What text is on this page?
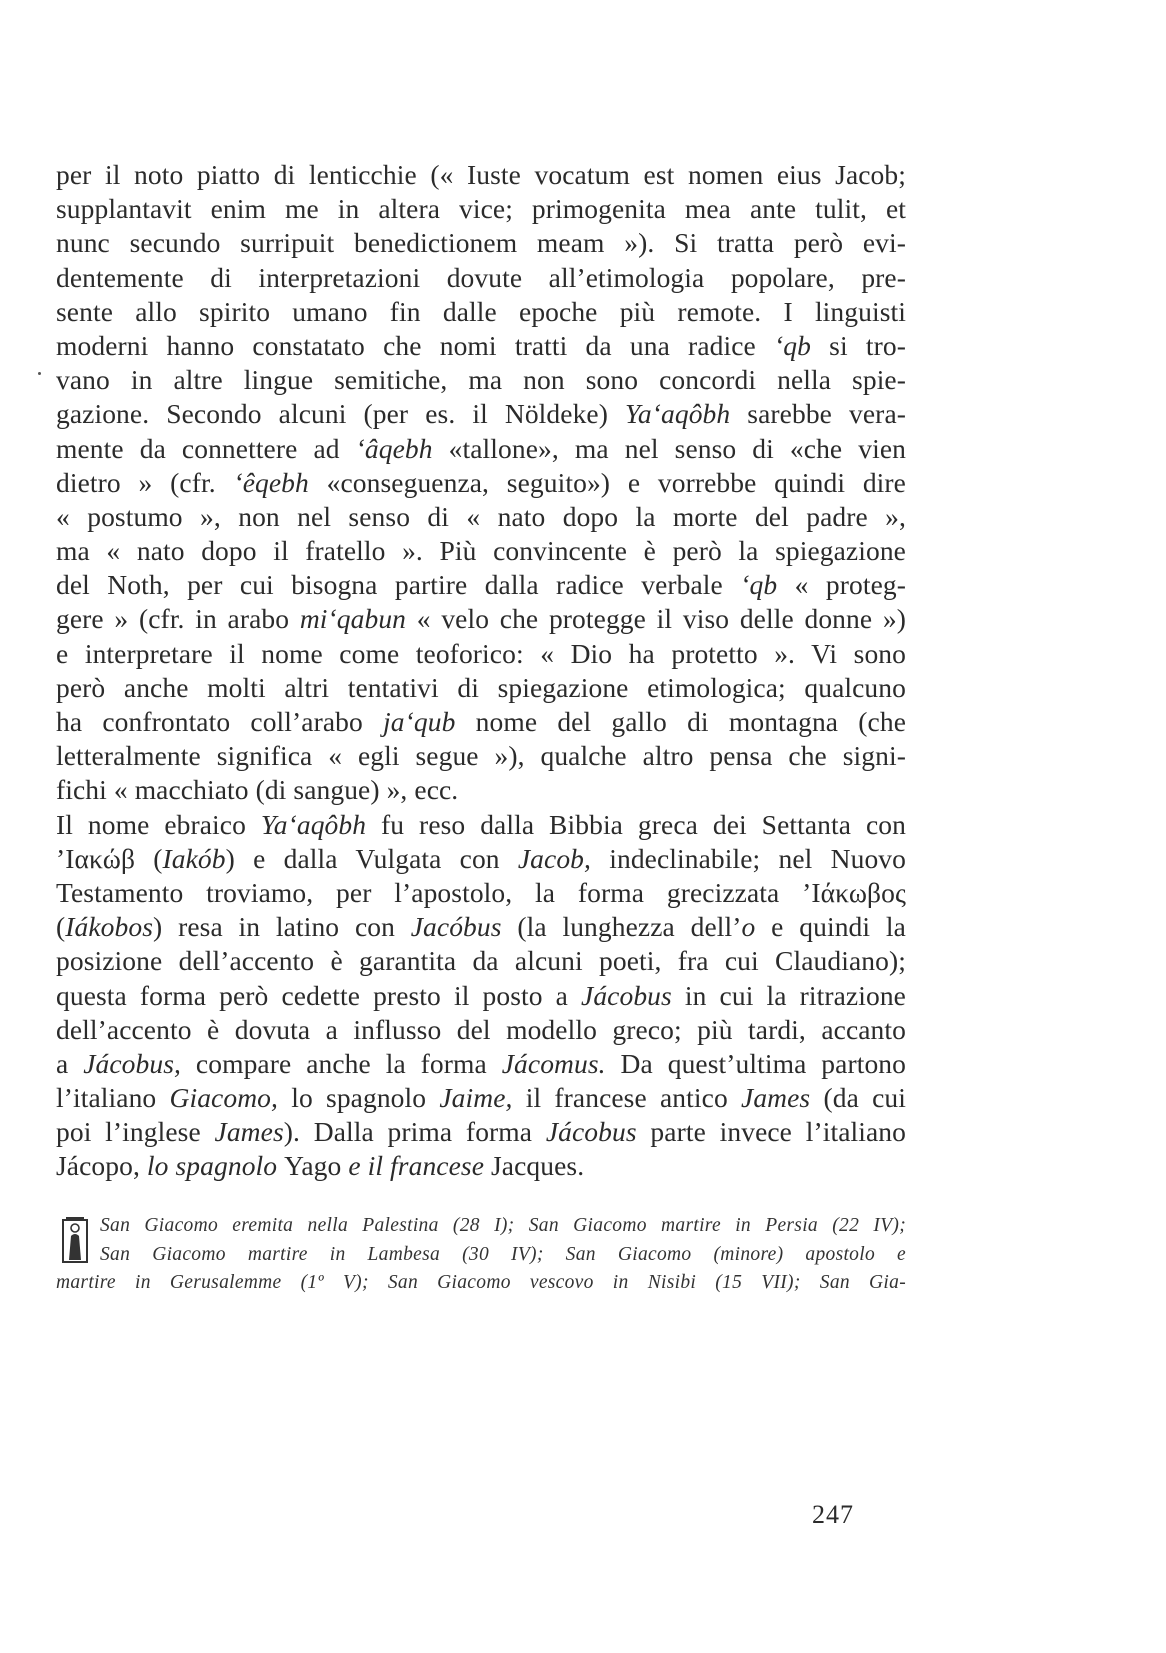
per il noto piatto di lenticchie (« Iuste vocatum est nomen eius Jacob;
supplantavit enim me in altera vice; primogenita mea ante tulit, et
nunc secundo surripuit benedictionem meam »). Si tratta però evi-
dentemente di interpretazioni dovute all’etimologia popolare, pre-
sente allo spirito umano fin dalle epoche più remote. I linguisti
moderni hanno constatato che nomi tratti da una radice ‘qb si tro-
vano in altre lingue semitiche, ma non sono concordi nella spie-
gazione. Secondo alcuni (per es. il Nöldeke) Ya‘aqôbh sarebbe vera-
mente da connettere ad ‘âqebh «tallone», ma nel senso di «che vien
dietro » (cfr. ‘êqebh «conseguenza, seguito») e vorrebbe quindi dire
« postumo », non nel senso di « nato dopo la morte del padre »,
ma « nato dopo il fratello ». Più convincente è però la spiegazione
del Noth, per cui bisogna partire dalla radice verbale ‘qb « proteg-
gere » (cfr. in arabo mi‘qabun « velo che protegge il viso delle donne »)
e interpretare il nome come teoforico: « Dio ha protetto ». Vi sono
però anche molti altri tentativi di spiegazione etimologica; qualcuno
ha confrontato coll’arabo ja‘qub nome del gallo di montagna (che
letteralmente significa « egli segue »), qualche altro pensa che signi-
fichi « macchiato (di sangue) », ecc.
Il nome ebraico Ya‘aqôbh fu reso dalla Bibbia greca dei Settanta con
’Ιακώβ (Iakób) e dalla Vulgata con Jacob, indeclinabile; nel Nuovo
Testamento troviamo, per l’apostolo, la forma grecizzata ’Ιάκωβος
(Iákobos) resa in latino con Jacóbus (la lunghezza dell’o e quindi la
posizione dell’accento è garantita da alcuni poeti, fra cui Claudiano);
questa forma però cedette presto il posto a Jácobus in cui la ritrazione
dell’accento è dovuta a influsso del modello greco; più tardi, accanto
a Jácobus, compare anche la forma Jácomus. Da quest’ultima partono
l’italiano Giacomo, lo spagnolo Jaime, il francese antico James (da cui
poi l’inglese James). Dalla prima forma Jácobus parte invece l’italiano
Jácopo, lo spagnolo Yago e il francese Jacques.
San Giacomo eremita nella Palestina (28 I); San Giacomo martire in Persia (22 IV);
San Giacomo martire in Lambesa (30 IV); San Giacomo (minore) apostolo e
martire in Gerusalemme (1º V); San Giacomo vescovo in Nisibi (15 VII); San Gia-
247
